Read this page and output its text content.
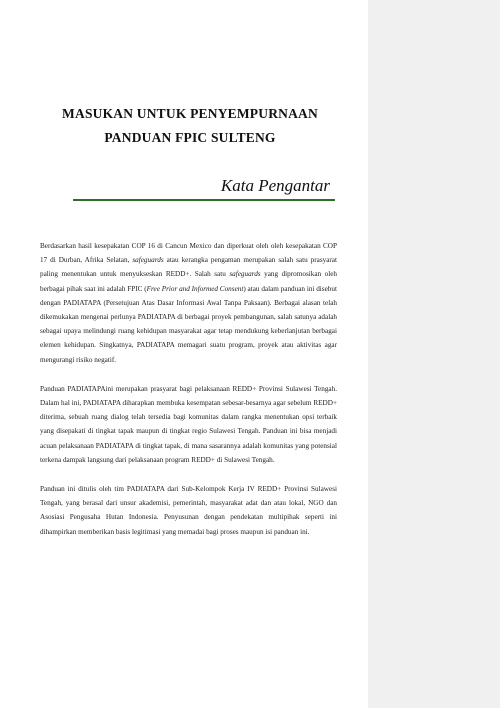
MASUKAN UNTUK PENYEMPURNAAN
PANDUAN FPIC SULTENG
Kata Pengantar

Berdasarkan hasil kesepakatan COP 16 di Cancun Mexico dan diperkuat oleh oleh kesepakatan COP 17 di Durban, Afrika Selatan, safeguards atau kerangka pengaman merupakan salah satu prasyarat paling menentukan untuk menyukseskan REDD+. Salah satu safeguards yang dipromosikan oleh berbagai pihak saat ini adalah FPIC (Free Prior and Informed Consent) atau dalam panduan ini disebut dengan PADIATAPA (Persetujuan Atas Dasar Informasi Awal Tanpa Paksaan). Berbagai alasan telah dikemukakan mengenai perlunya PADIATAPA di berbagai proyek pembangunan, salah satunya adalah sebagai upaya melindungi ruang kehidupan masyarakat agar tetap mendukung keberlanjutan berbagai elemen kehidupan. Singkatnya, PADIATAPA memagari suatu program, proyek atau aktivitas agar mengurangi risiko negatif.

Panduan PADIATAPAini merupakan prasyarat bagi pelaksanaan REDD+ Provinsi Sulawesi Tengah. Dalam hal ini, PADIATAPA diharapkan membuka kesempatan sebesar-besarnya agar sebelum REDD+ diterima, sebuah ruang dialog telah tersedia bagi komunitas dalam rangka menentukan opsi terbaik yang disepakati di tingkat tapak maupun di tingkat regio Sulawesi Tengah. Panduan ini bisa menjadi acuan pelaksanaan PADIATAPA di tingkat tapak, di mana sasarannya adalah komunitas yang potensial terkena dampak langsung dari pelaksanaan program REDD+ di Sulawesi Tengah.

Panduan ini ditulis oleh tim PADIATAPA dari Sub-Kelompok Kerja IV REDD+ Provinsi Sulawesi Tengah, yang berasal dari unsur akademisi, pemerintah, masyarakat adat dan atau lokal, NGO dan Asosiasi Pengusaha Hutan Indonesia. Penyusunan dengan pendekatan multipihak seperti ini dihampirkan memberikan basis legitimasi yang memadai bagi proses maupun isi panduan ini.
